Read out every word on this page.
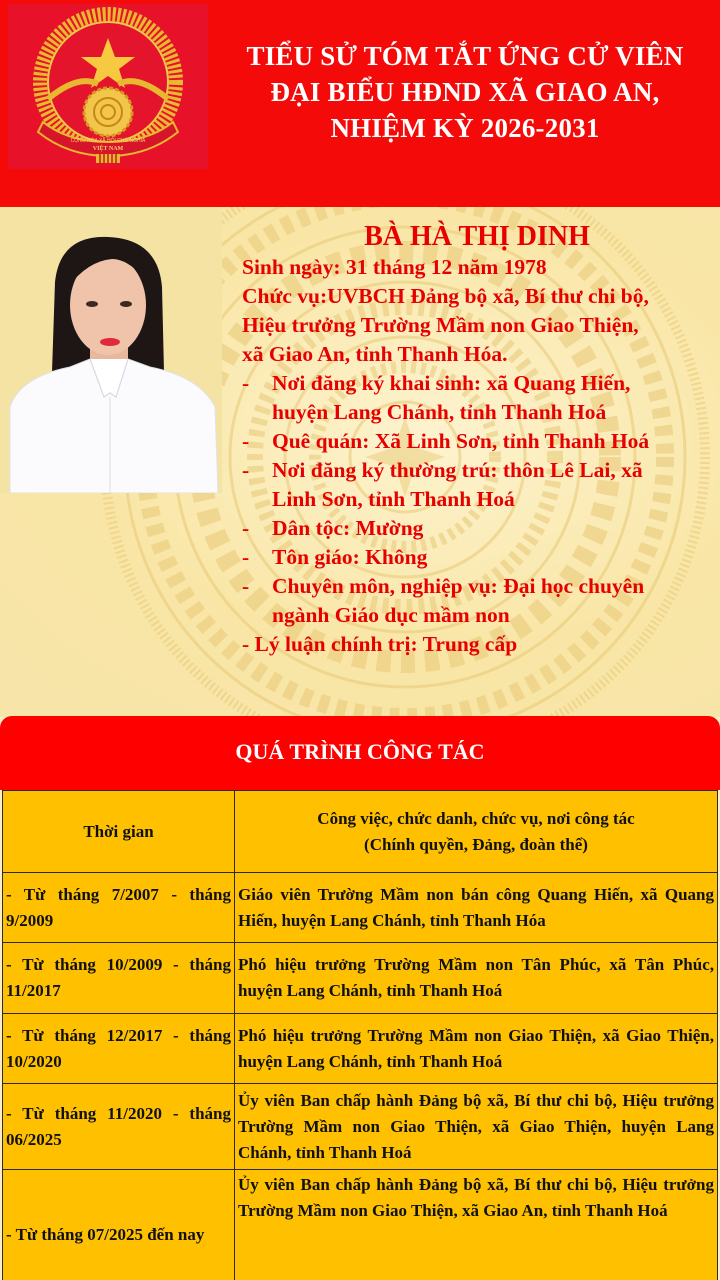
CỘNG HÒA XÃ HỘI CHỦ NGHĨA
VIỆT NAM
TIỂU SỬ TÓM TẮT ỨNG CỬ VIÊN
ĐẠI BIỂU HĐND XÃ GIAO AN,
NHIỆM KỲ 2026-2031
BÀ HÀ THỊ DINH
Sinh ngày: 31 tháng 12 năm 1978
Chức vụ:UVBCH Đảng bộ xã, Bí thư chi bộ,
Hiệu trưởng Trường Mầm non Giao Thiện,
xã Giao An, tỉnh Thanh Hóa.
-	Nơi đăng ký khai sinh: xã Quang Hiến,
huyện Lang Chánh, tỉnh Thanh Hoá
-	Quê quán: Xã Linh Sơn, tỉnh Thanh Hoá
-	Nơi đăng ký thường trú: thôn Lê Lai, xã
Linh Sơn, tỉnh Thanh Hoá
-	Dân tộc: Mường
-	Tôn giáo: Không
-	Chuyên môn, nghiệp vụ: Đại học chuyên
ngành Giáo dục mầm non
- Lý luận chính trị: Trung cấp
QUÁ TRÌNH CÔNG TÁC
Thời gian	Công việc, chức danh, chức vụ, nơi công tác
(Chính quyền, Đảng, đoàn thể)

- Từ tháng 7/2007 - tháng 9/2009	Giáo viên Trường Mầm non bán công Quang Hiến, xã Quang Hiến, huyện Lang Chánh, tỉnh Thanh Hóa
- Từ tháng 10/2009 - tháng 11/2017	Phó hiệu trưởng Trường Mầm non Tân Phúc, xã Tân Phúc, huyện Lang Chánh, tỉnh Thanh Hoá
- Từ tháng 12/2017 - tháng 10/2020	Phó hiệu trưởng Trường Mầm non Giao Thiện, xã Giao Thiện, huyện Lang Chánh, tỉnh Thanh Hoá
- Từ tháng 11/2020 - tháng 06/2025	Ủy viên Ban chấp hành Đảng bộ xã, Bí thư chi bộ, Hiệu trưởng Trường Mầm non Giao Thiện, xã Giao Thiện, huyện Lang Chánh, tỉnh Thanh Hoá
- Từ tháng 07/2025 đến nay	Ủy viên Ban chấp hành Đảng bộ xã, Bí thư chi bộ, Hiệu trưởng Trường Mầm non Giao Thiện, xã Giao An, tỉnh Thanh Hoá
